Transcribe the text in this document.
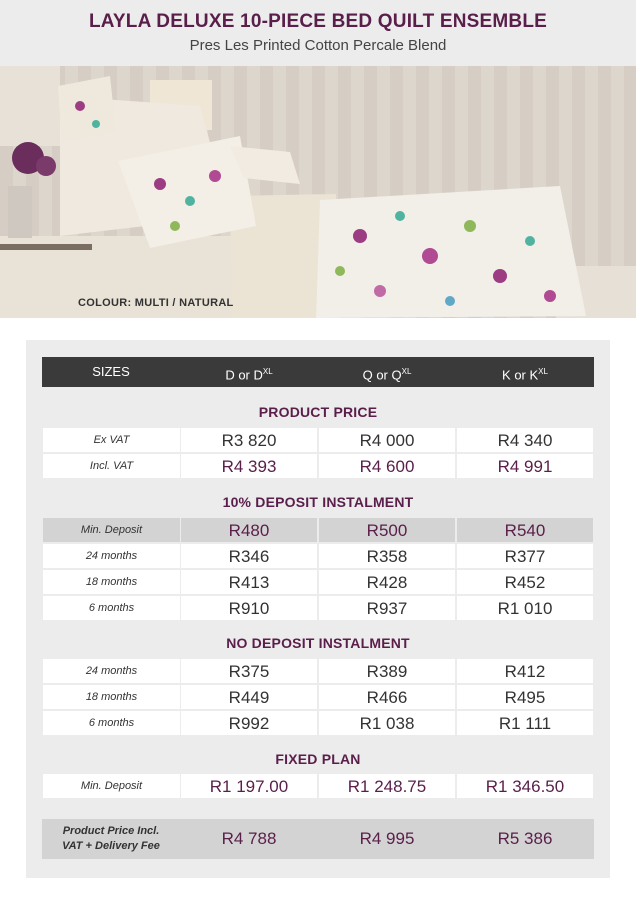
LAYLA DELUXE 10-PIECE BED QUILT ENSEMBLE
Pres Les Printed Cotton Percale Blend
COLOUR: MULTI / NATURAL
SIZES	D or $D^{XL}$	Q or $Q^{XL}$	K or $K^{XL}$
PRODUCT PRICE
Ex VAT	R3 820	R4 000	R4 340
Incl. VAT	R4 393	R4 600	R4 991
10% DEPOSIT INSTALMENT
Min. Deposit	R480	R500	R540
24 months	R346	R358	R377
18 months	R413	R428	R452
6 months	R910	R937	R1 010
NO DEPOSIT INSTALMENT
24 months	R375	R389	R412
18 months	R449	R466	R495
6 months	R992	R1 038	R1 111
FIXED PLAN
Min. Deposit	R1 197.00	R1 248.75	R1 346.50
Product Price Incl.
VAT + Delivery Fee	R4 788	R4 995	R5 386
